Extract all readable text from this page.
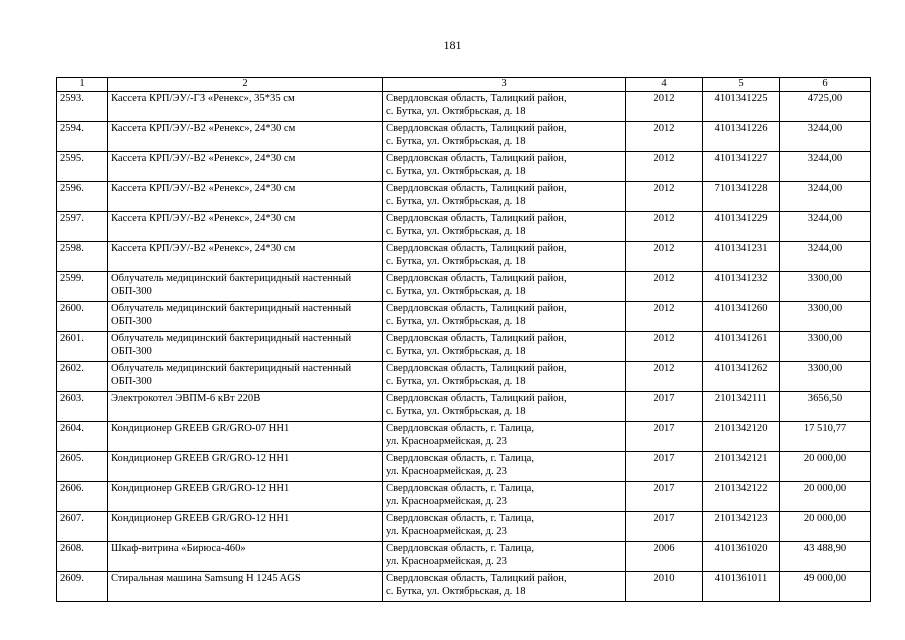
181
1	2	3	4	5	6
2593.	Кассета КРП/ЭУ/-ГЗ «Ренекс», 35*35 см	Свердловская область, Талицкий район,
с. Бутка, ул. Октябрьская, д. 18	2012	4101341225	4725,00
2594.	Кассета КРП/ЭУ/-В2 «Ренекс», 24*30 см	Свердловская область, Талицкий район,
с. Бутка, ул. Октябрьская, д. 18	2012	4101341226	3244,00
2595.	Кассета КРП/ЭУ/-В2 «Ренекс», 24*30 см	Свердловская область, Талицкий район,
с. Бутка, ул. Октябрьская, д. 18	2012	4101341227	3244,00
2596.	Кассета КРП/ЭУ/-В2 «Ренекс», 24*30 см	Свердловская область, Талицкий район,
с. Бутка, ул. Октябрьская, д. 18	2012	7101341228	3244,00
2597.	Кассета КРП/ЭУ/-В2 «Ренекс», 24*30 см	Свердловская область, Талицкий район,
с. Бутка, ул. Октябрьская, д. 18	2012	4101341229	3244,00
2598.	Кассета КРП/ЭУ/-В2 «Ренекс», 24*30 см	Свердловская область, Талицкий район,
с. Бутка, ул. Октябрьская, д. 18	2012	4101341231	3244,00
2599.	Облучатель медицинский бактерицидный настенный ОБП-300	Свердловская область, Талицкий район,
с. Бутка, ул. Октябрьская, д. 18	2012	4101341232	3300,00
2600.	Облучатель медицинский бактерицидный настенный ОБП-300	Свердловская область, Талицкий район,
с. Бутка, ул. Октябрьская, д. 18	2012	4101341260	3300,00
2601.	Облучатель медицинский бактерицидный настенный ОБП-300	Свердловская область, Талицкий район,
с. Бутка, ул. Октябрьская, д. 18	2012	4101341261	3300,00
2602.	Облучатель медицинский бактерицидный настенный ОБП-300	Свердловская область, Талицкий район,
с. Бутка, ул. Октябрьская, д. 18	2012	4101341262	3300,00
2603.	Электрокотел ЭВПМ-6 кВт 220В	Свердловская область, Талицкий район,
с. Бутка, ул. Октябрьская, д. 18	2017	2101342111	3656,50
2604.	Кондиционер GREEB GR/GRO-07 HH1	Свердловская область, г. Талица,
ул. Красноармейская, д. 23	2017	2101342120	17 510,77
2605.	Кондиционер GREEB GR/GRO-12 HH1	Свердловская область, г. Талица,
ул. Красноармейская, д. 23	2017	2101342121	20 000,00
2606.	Кондиционер GREEB GR/GRO-12 HH1	Свердловская область, г. Талица,
ул. Красноармейская, д. 23	2017	2101342122	20 000,00
2607.	Кондиционер GREEB GR/GRO-12 HH1	Свердловская область, г. Талица,
ул. Красноармейская, д. 23	2017	2101342123	20 000,00
2608.	Шкаф-витрина «Бирюса-460»	Свердловская область, г. Талица,
ул. Красноармейская, д. 23	2006	4101361020	43 488,90
2609.	Стиральная машина Samsung H 1245 AGS	Свердловская область, Талицкий район,
с. Бутка, ул. Октябрьская, д. 18	2010	4101361011	49 000,00
